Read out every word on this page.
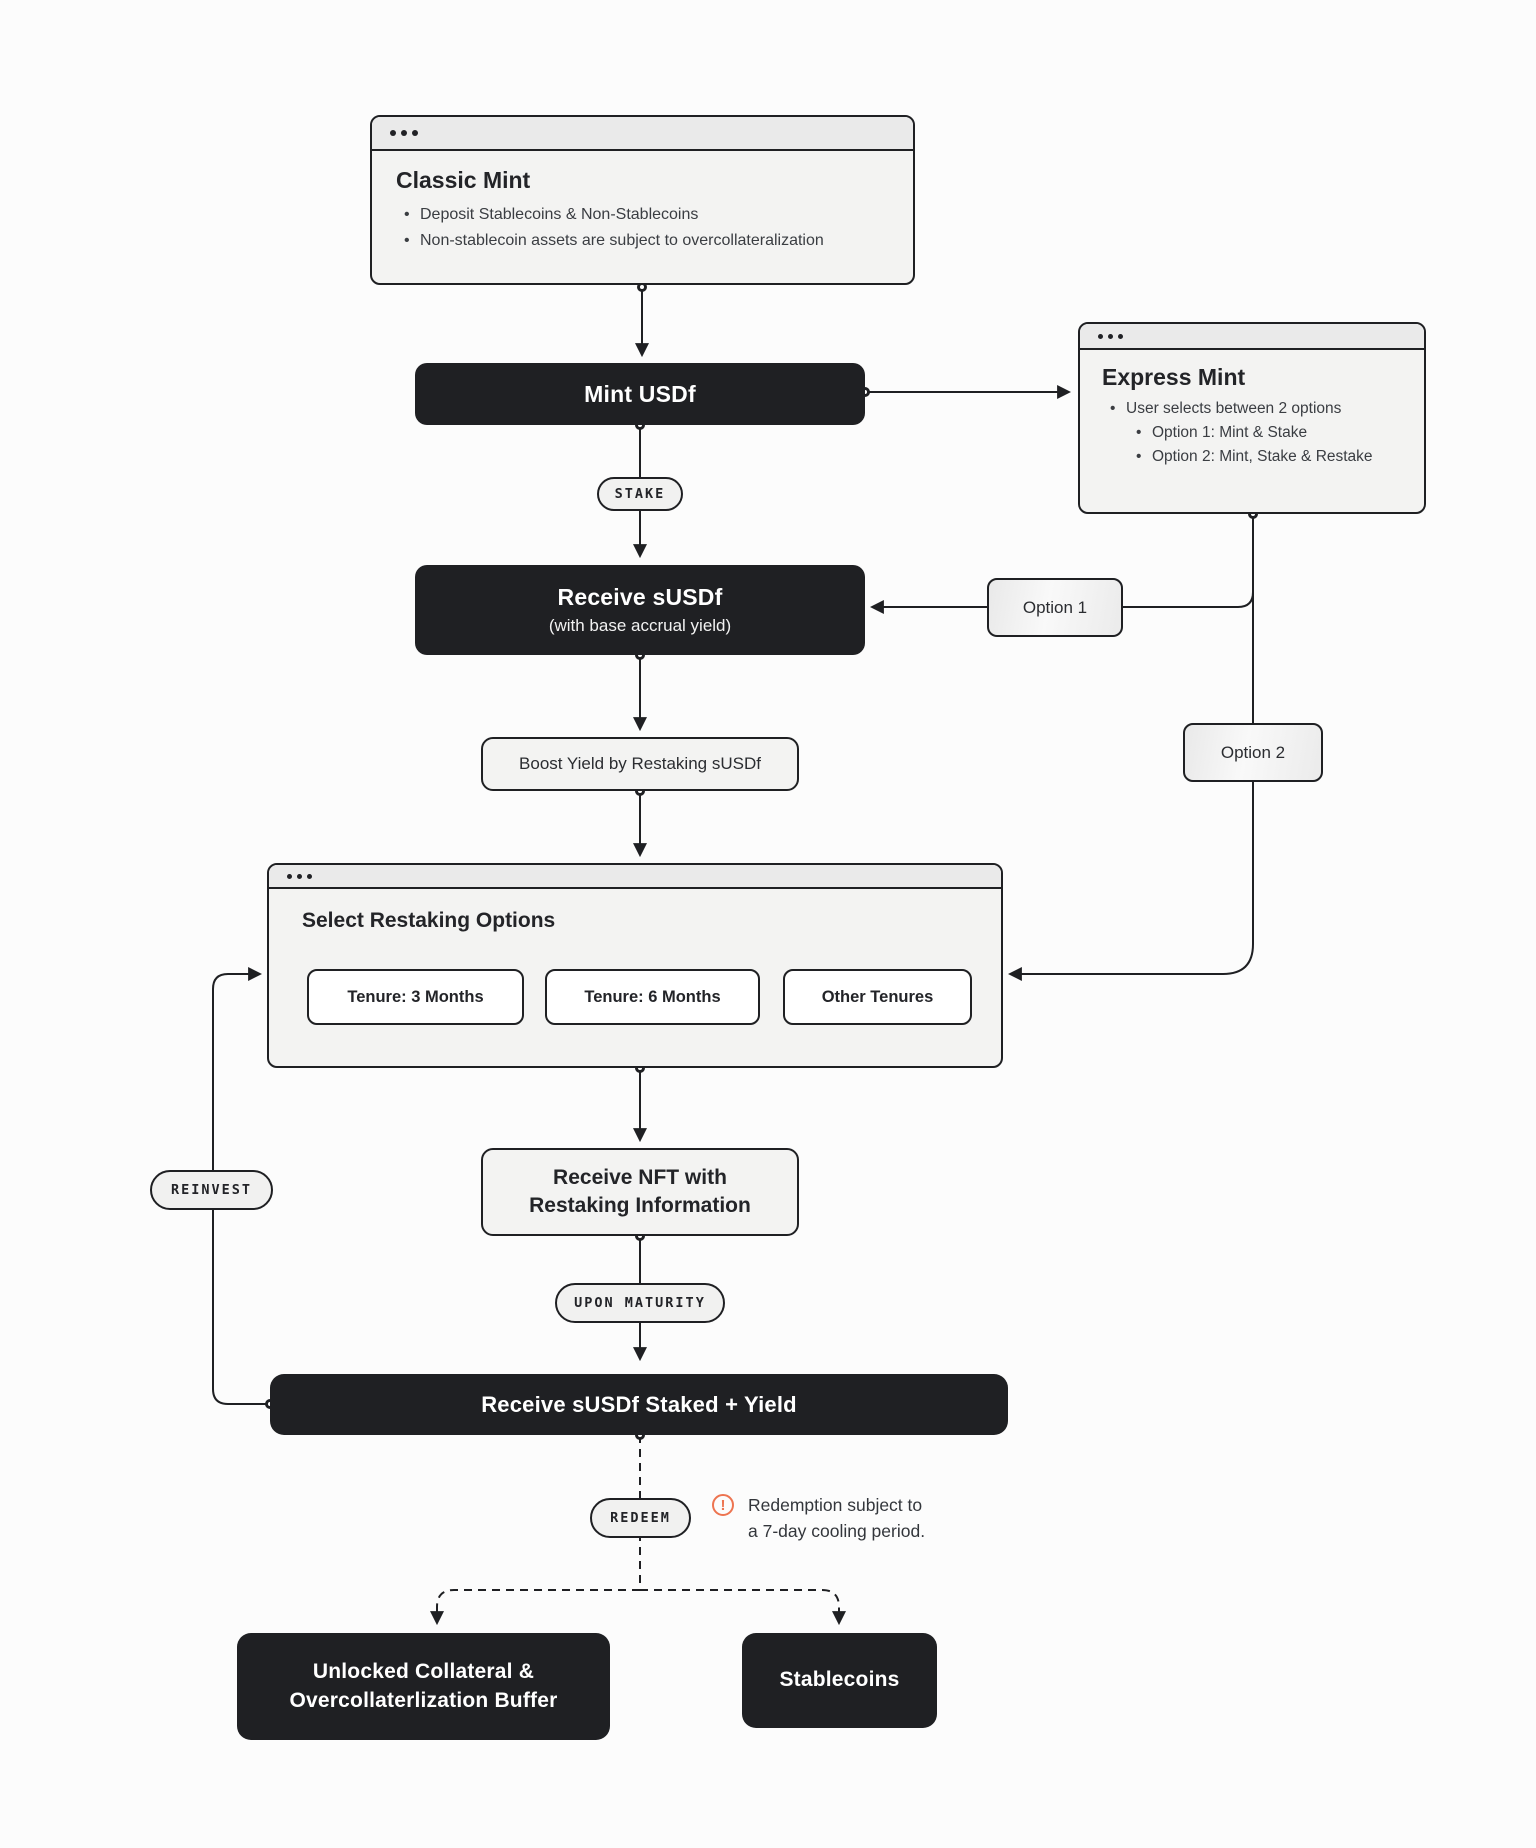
Classic Mint
• Deposit Stablecoins & Non-Stablecoins
• Non-stablecoin assets are subject to overcollateralization
Mint USDf
Express Mint
• User selects between 2 options
• Option 1: Mint & Stake
• Option 2: Mint, Stake & Restake
STAKE
Receive sUSDf
(with base accrual yield)
Option 1
Option 2
Boost Yield by Restaking sUSDf
Select Restaking Options
Tenure: 3 Months	Tenure: 6 Months	Other Tenures
REINVEST
Receive NFT with
Restaking Information
UPON MATURITY
Receive sUSDf Staked + Yield
REDEEM
!
Redemption subject to
a 7-day cooling period.
Unlocked Collateral &
Overcollaterlization Buffer
Stablecoins
